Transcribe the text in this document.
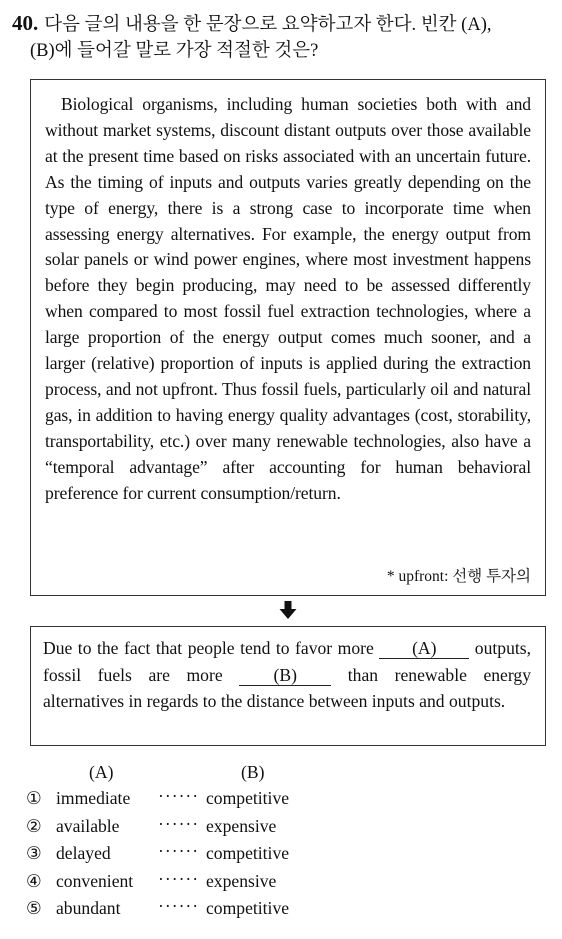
40. 다음 글의 내용을 한 문장으로 요약하고자 한다. 빈칸 (A),
(B)에 들어갈 말로 가장 적절한 것은?

Biological organisms, including human societies both with and without market systems, discount distant outputs over those available at the present time based on risks associated with an uncertain future. As the timing of inputs and outputs varies greatly depending on the type of energy, there is a strong case to incorporate time when assessing energy alternatives. For example, the energy output from solar panels or wind power engines, where most investment happens before they begin producing, may need to be assessed differently when compared to most fossil fuel extraction technologies, where a large proportion of the energy output comes much sooner, and a larger (relative) proportion of inputs is applied during the extraction process, and not upfront. Thus fossil fuels, particularly oil and natural gas, in addition to having energy quality advantages (cost, storability, transportability, etc.) over many renewable technologies, also have a “temporal advantage” after accounting for human behavioral preference for current consumption/return.

* upfront: 선행 투자의
Due to the fact that people tend to favor more (A) outputs, fossil fuels are more (B) than renewable energy alternatives in regards to the distance between inputs and outputs.
(A)	(B)
① immediate ······ competitive
② available ······ expensive
③ delayed	······ competitive
④ convenient ······ expensive
⑤ abundant ······ competitive
